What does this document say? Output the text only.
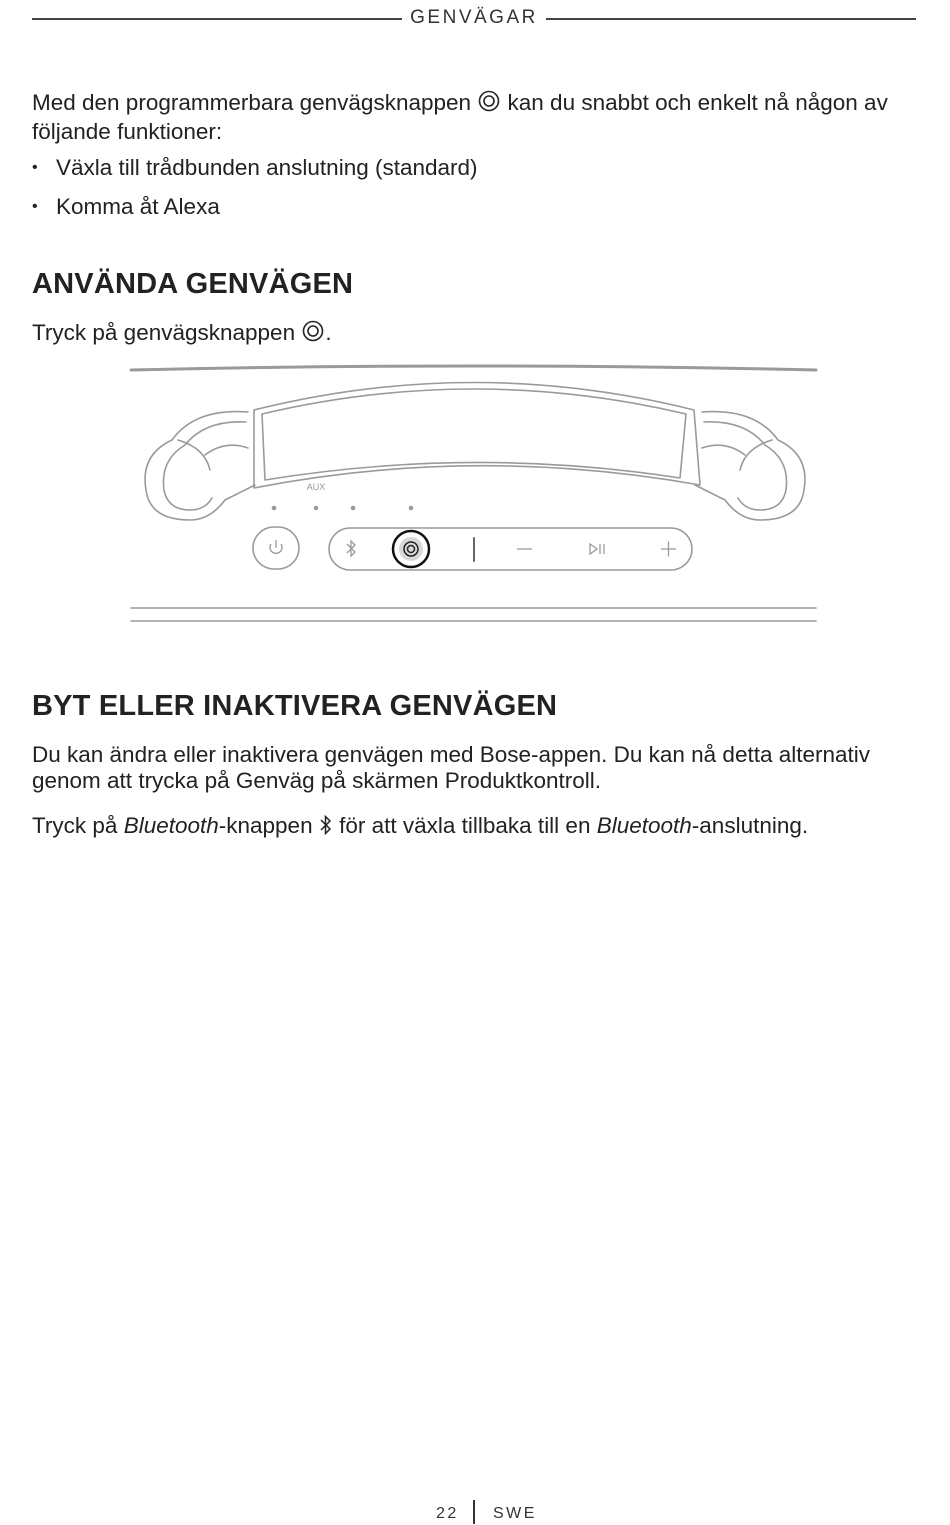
GENVÄGAR
Med den programmerbara genvägsknappen  kan du snabbt och enkelt nå någon av följande funktioner:
• Växla till trådbunden anslutning (standard)
• Komma åt Alexa
ANVÄNDA GENVÄGEN
Tryck på genvägsknappen .
AUX
BYT ELLER INAKTIVERA GENVÄGEN
Du kan ändra eller inaktivera genvägen med Bose-appen. Du kan nå detta alternativ genom att trycka på Genväg på skärmen Produktkontroll.
Tryck på Bluetooth-knappen  för att växla tillbaka till en Bluetooth-anslutning.
22 SWE
